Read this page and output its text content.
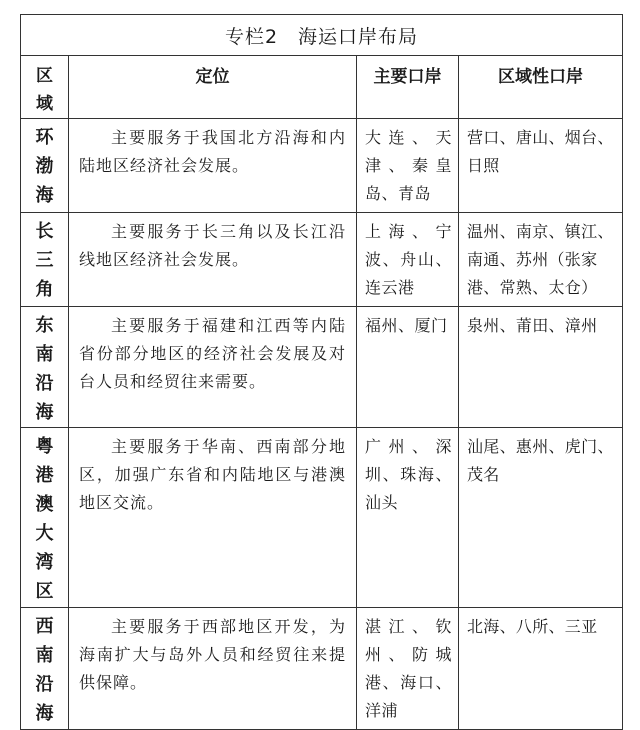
专栏2　海运口岸布局			

区域	定位	主要口岸	区域性口岸

环渤海	主要服务于我国北方沿海和内陆地区经济社会发展。	大连、天津、秦皇岛、青岛	营口、唐山、烟台、日照

长三角	主要服务于长三角以及长江沿线地区经济社会发展。	上海、宁波、舟山、连云港	温州、南京、镇江、南通、苏州（张家港、常熟、太仓）

东南沿海	主要服务于福建和江西等内陆省份部分地区的经济社会发展及对台人员和经贸往来需要。	福州、厦门	泉州、莆田、漳州

粤港澳大湾区	主要服务于华南、西南部分地区，加强广东省和内陆地区与港澳地区交流。	广州、深圳、珠海、汕头	汕尾、惠州、虎门、茂名

西南沿海	主要服务于西部地区开发，为海南扩大与岛外人员和经贸往来提供保障。	湛江、钦州、防城港、海口、洋浦	北海、八所、三亚
